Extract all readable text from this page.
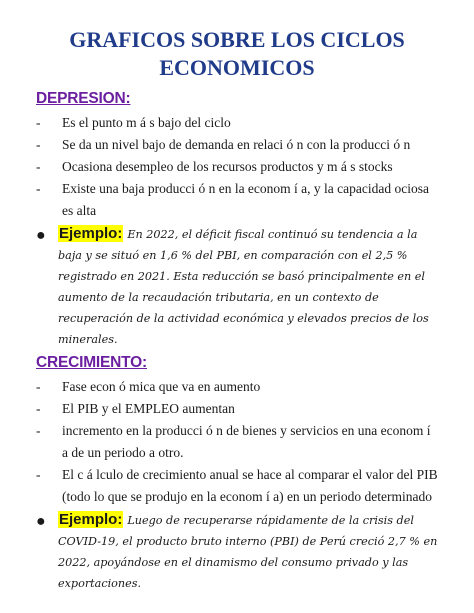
GRAFICOS SOBRE LOS CICLOS
ECONOMICOS
DEPRESION:
- Es el punto m á s bajo del ciclo
- Se da un nivel bajo de demanda en relaci ó n con la producci ó n
- Ocasiona desempleo de los recursos productos y m á s stocks
- Existe una baja producci ó n en la econom í a, y la capacidad ociosa es alta
● Ejemplo: En 2022, el déficit fiscal continuó su tendencia a la baja y se situó en 1,6 % del PBI, en comparación con el 2,5 % registrado en 2021. Esta reducción se basó principalmente en el aumento de la recaudación tributaria, en un contexto de recuperación de la actividad económica y elevados precios de los minerales.
CRECIMIENTO:
- Fase econ ó mica que va en aumento
- El PIB y el EMPLEO aumentan
- incremento en la producci ó n de bienes y servicios en una econom í a de un periodo a otro.
- El c á lculo de crecimiento anual se hace al comparar el valor del PIB (todo lo que se produjo en la econom í a) en un periodo determinado
● Ejemplo: Luego de recuperarse rápidamente de la crisis del COVID-19, el producto bruto interno (PBI) de Perú creció 2,7 % en 2022, apoyándose en el dinamismo del consumo privado y las exportaciones.
